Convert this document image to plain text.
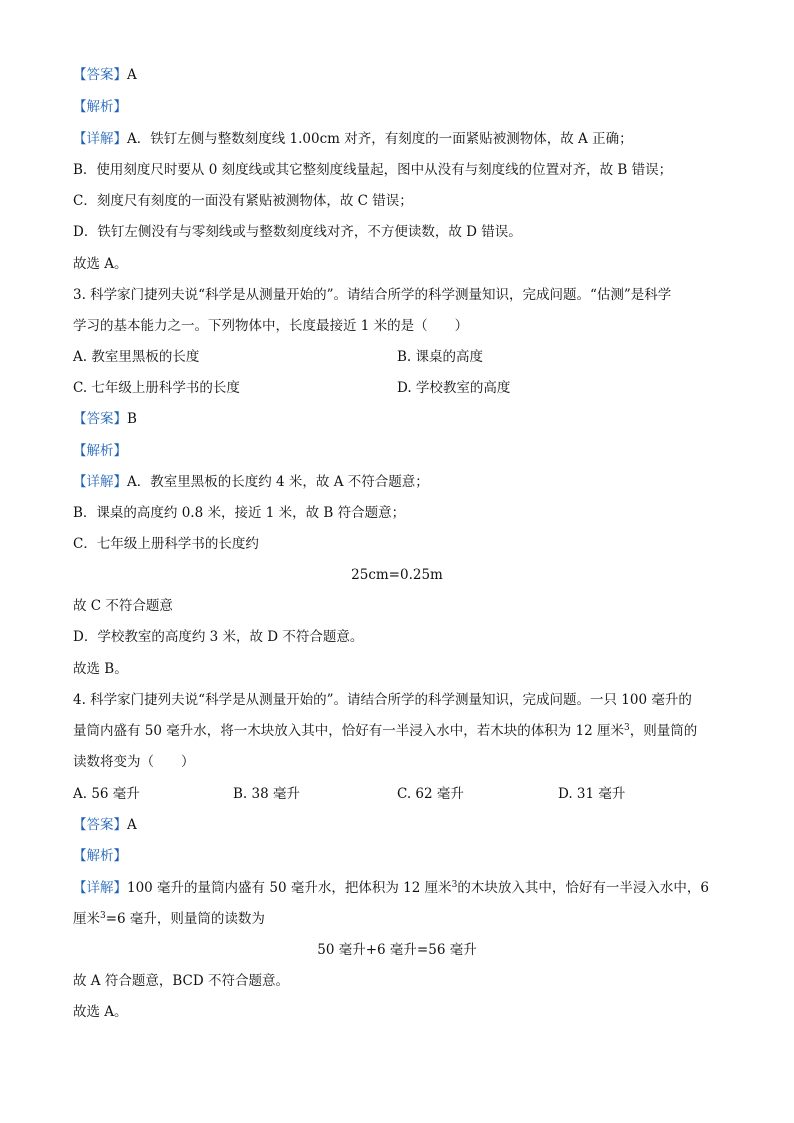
【答案】A
【解析】
【详解】A．铁钉左侧与整数刻度线 1.00cm 对齐，有刻度的一面紧贴被测物体，故 A 正确；
B．使用刻度尺时要从 0 刻度线或其它整刻度线量起，图中从没有与刻度线的位置对齐，故 B 错误；
C．刻度尺有刻度的一面没有紧贴被测物体，故 C 错误；
D．铁钉左侧没有与零刻线或与整数刻度线对齐，不方便读数，故 D 错误。
故选 A。
3. 科学家门捷列夫说“科学是从测量开始的”。请结合所学的科学测量知识，完成问题。“估测”是科学
学习的基本能力之一。下列物体中，长度最接近 1 米的是（　　）
A. 教室里黑板的长度	B. 课桌的高度
C. 七年级上册科学书的长度	D. 学校教室的高度
【答案】B
【解析】
【详解】A．教室里黑板的长度约 4 米，故 A 不符合题意；
B．课桌的高度约 0.8 米，接近 1 米，故 B 符合题意；
C．七年级上册科学书的长度约
25cm=0.25m
故 C 不符合题意
D．学校教室的高度约 3 米，故 D 不符合题意。
故选 B。
4. 科学家门捷列夫说“科学是从测量开始的”。请结合所学的科学测量知识，完成问题。一只 100 毫升的
量筒内盛有 50 毫升水，将一木块放入其中，恰好有一半浸入水中，若木块的体积为 12 厘米$^3$，则量筒的
读数将变为（　　）
A. 56 毫升	B. 38 毫升	C. 62 毫升	D. 31 毫升
【答案】A
【解析】
【详解】100 毫升的量筒内盛有 50 毫升水，把体积为 12 厘米$^3$的木块放入其中，恰好有一半浸入水中，6
厘米$^3$=6 毫升，则量筒的读数为
50 毫升+6 毫升=56 毫升
故 A 符合题意，BCD 不符合题意。
故选 A。
